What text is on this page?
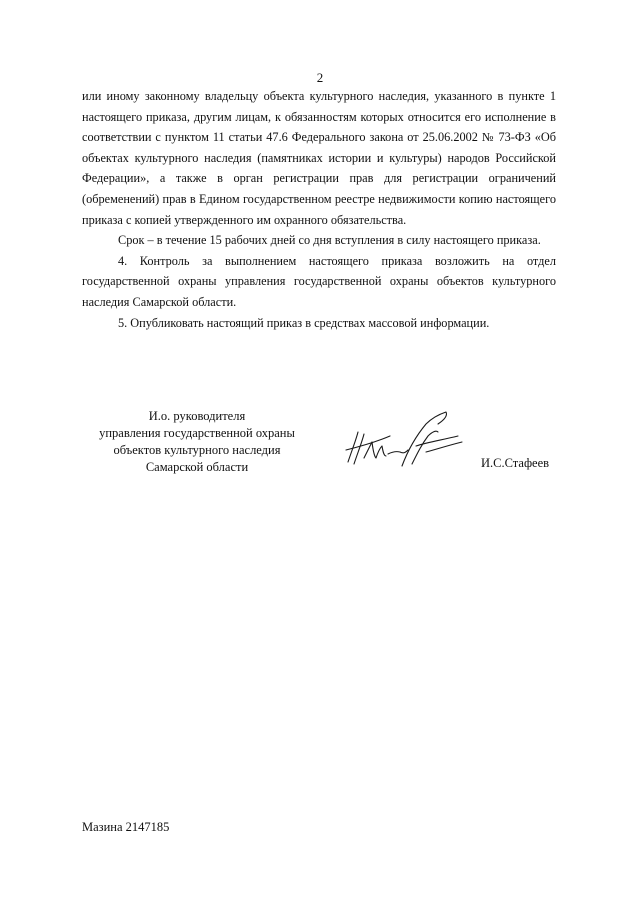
2

или иному законному владельцу объекта культурного наследия, указанного в пункте 1 настоящего приказа, другим лицам, к обязанностям которых относится его исполнение в соответствии с пунктом 11 статьи 47.6 Федерального закона от 25.06.2002 № 73-ФЗ «Об объектах культурного наследия (памятниках истории и культуры) народов Российской Федерации», а также в орган регистрации прав для регистрации ограничений (обременений) прав в Едином государственном реестре недвижимости копию настоящего приказа с копией утвержденного им охранного обязательства.

Срок – в течение 15 рабочих дней со дня вступления в силу настоящего приказа.

4. Контроль за выполнением настоящего приказа возложить на отдел государственной охраны управления государственной охраны объектов культурного наследия Самарской области.

5. Опубликовать настоящий приказ в средствах массовой информации.

И.о. руководителя
управления государственной охраны
объектов культурного наследия
Самарской области	И.С.Стафеев
Мазина 2147185
